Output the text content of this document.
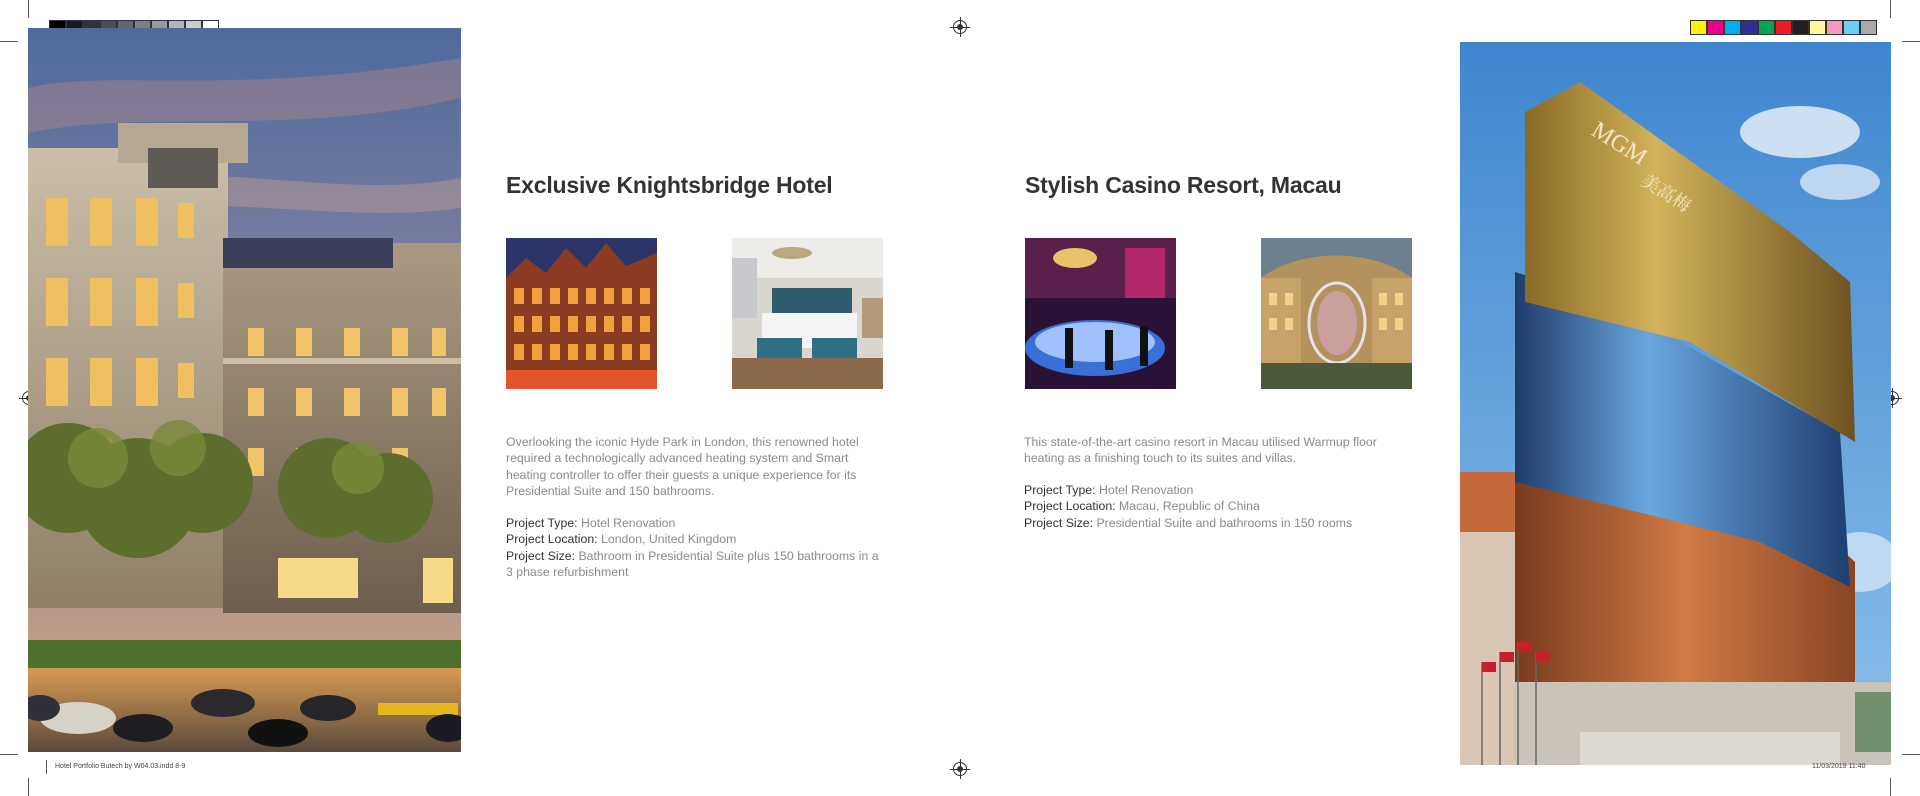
Exclusive Knightsbridge Hotel
Overlooking the iconic Hyde Park in London, this renowned hotel required a technologically advanced heating system and Smart heating controller to offer their guests a unique experience for its Presidential Suite and 150 bathrooms.
Project Type: Hotel Renovation
Project Location: London, United Kingdom
Project Size: Bathroom in Presidential Suite plus 150 bathrooms in a 3 phase refurbishment
Stylish Casino Resort, Macau
This state-of-the-art casino resort in Macau utilised Warmup floor heating as a finishing touch to its suites and villas.
Project Type: Hotel Renovation
Project Location: Macau, Republic of China
Project Size: Presidential Suite and bathrooms in 150 rooms
MGM
美高梅
Hotel Portfolio Butech by W04.03.indd 8-9	11/03/2019 11:40
